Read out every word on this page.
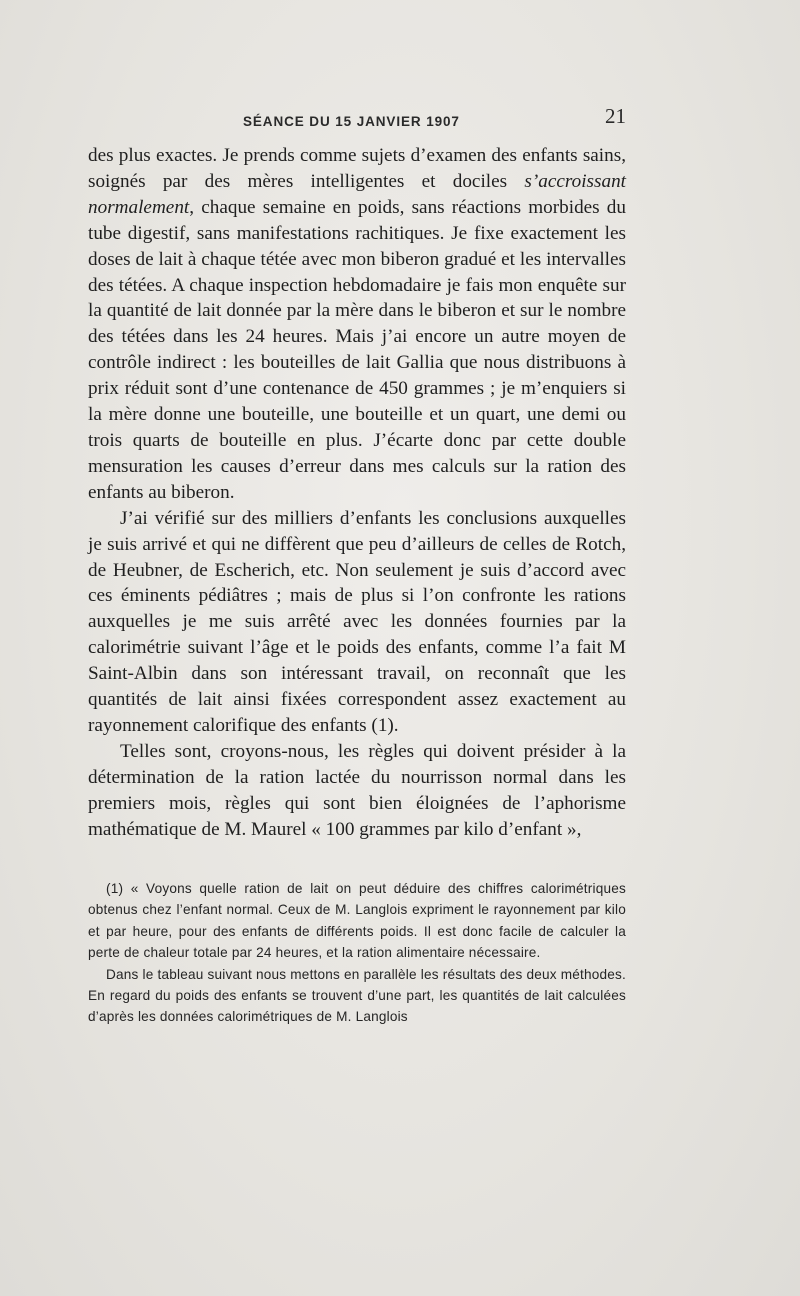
SÉANCE DU 15 JANVIER 1907	21

des plus exactes. Je prends comme sujets d’examen des enfants sains, soignés par des mères intelligentes et dociles s’accroissant normalement, chaque semaine en poids, sans réactions morbides du tube digestif, sans manifestations rachitiques. Je fixe exactement les doses de lait à chaque tétée avec mon biberon gradué et les intervalles des tétées. A chaque inspection hebdomadaire je fais mon enquête sur la quantité de lait donnée par la mère dans le biberon et sur le nombre des tétées dans les 24 heures. Mais j’ai encore un autre moyen de contrôle indirect : les bouteilles de lait Gallia que nous distribuons à prix réduit sont d’une contenance de 450 grammes ; je m’enquiers si la mère donne une bouteille, une bouteille et un quart, une demi ou trois quarts de bouteille en plus. J’écarte donc par cette double mensuration les causes d’erreur dans mes calculs sur la ration des enfants au biberon.

J’ai vérifié sur des milliers d’enfants les conclusions auxquelles je suis arrivé et qui ne diffèrent que peu d’ailleurs de celles de Rotch, de Heubner, de Escherich, etc. Non seulement je suis d’accord avec ces éminents pédiâtres ; mais de plus si l’on confronte les rations auxquelles je me suis arrêté avec les données fournies par la calorimétrie suivant l’âge et le poids des enfants, comme l’a fait M Saint-Albin dans son intéressant travail, on reconnaît que les quantités de lait ainsi fixées correspondent assez exactement au rayonnement calorifique des enfants (1).

Telles sont, croyons-nous, les règles qui doivent présider à la détermination de la ration lactée du nourrisson normal dans les premiers mois, règles qui sont bien éloignées de l’aphorisme mathématique de M. Maurel « 100 grammes par kilo d’enfant »,

(1) « Voyons quelle ration de lait on peut déduire des chiffres calorimétriques obtenus chez l’enfant normal. Ceux de M. Langlois expriment le rayonnement par kilo et par heure, pour des enfants de différents poids. Il est donc facile de calculer la perte de chaleur totale par 24 heures, et la ration alimentaire nécessaire.

Dans le tableau suivant nous mettons en parallèle les résultats des deux méthodes. En regard du poids des enfants se trouvent d’une part, les quantités de lait calculées d’après les données calorimétriques de M. Langlois
